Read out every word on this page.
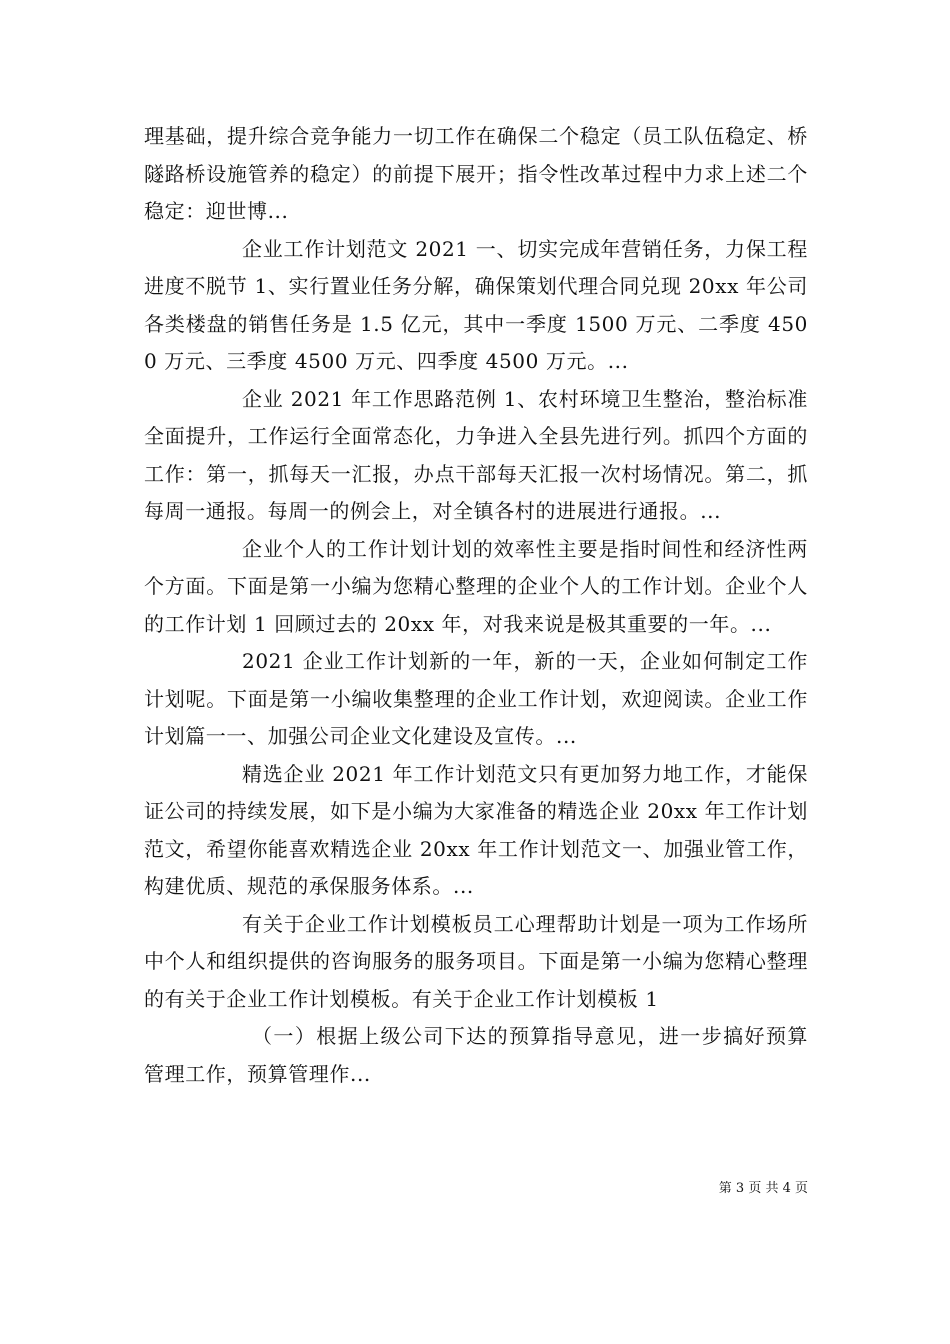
理基础，提升综合竞争能力一切工作在确保二个稳定（员工队伍稳定、桥隧路桥设施管养的稳定）的前提下展开；指令性改革过程中力求上述二个稳定：迎世博...

企业工作计划范文 2021 一、切实完成年营销任务，力保工程进度不脱节 1、实行置业任务分解，确保策划代理合同兑现 20xx 年公司各类楼盘的销售任务是 1.5 亿元，其中一季度 1500 万元、二季度 4500 万元、三季度 4500 万元、四季度 4500 万元。...

企业 2021 年工作思路范例 1、农村环境卫生整治，整治标准全面提升，工作运行全面常态化，力争进入全县先进行列。抓四个方面的工作：第一，抓每天一汇报，办点干部每天汇报一次村场情况。第二，抓每周一通报。每周一的例会上，对全镇各村的进展进行通报。...

企业个人的工作计划计划的效率性主要是指时间性和经济性两个方面。下面是第一小编为您精心整理的企业个人的工作计划。企业个人的工作计划 1 回顾过去的 20xx 年，对我来说是极其重要的一年。...

2021 企业工作计划新的一年，新的一天，企业如何制定工作计划呢。下面是第一小编收集整理的企业工作计划，欢迎阅读。企业工作计划篇一一、加强公司企业文化建设及宣传。...

精选企业 2021 年工作计划范文只有更加努力地工作，才能保证公司的持续发展，如下是小编为大家准备的精选企业 20xx 年工作计划范文，希望你能喜欢精选企业 20xx 年工作计划范文一、加强业管工作，构建优质、规范的承保服务体系。...

有关于企业工作计划模板员工心理帮助计划是一项为工作场所中个人和组织提供的咨询服务的服务项目。下面是第一小编为您精心整理的有关于企业工作计划模板。有关于企业工作计划模板 1

（一）根据上级公司下达的预算指导意见，进一步搞好预算管理工作，预算管理作...

第 3 页 共 4 页
